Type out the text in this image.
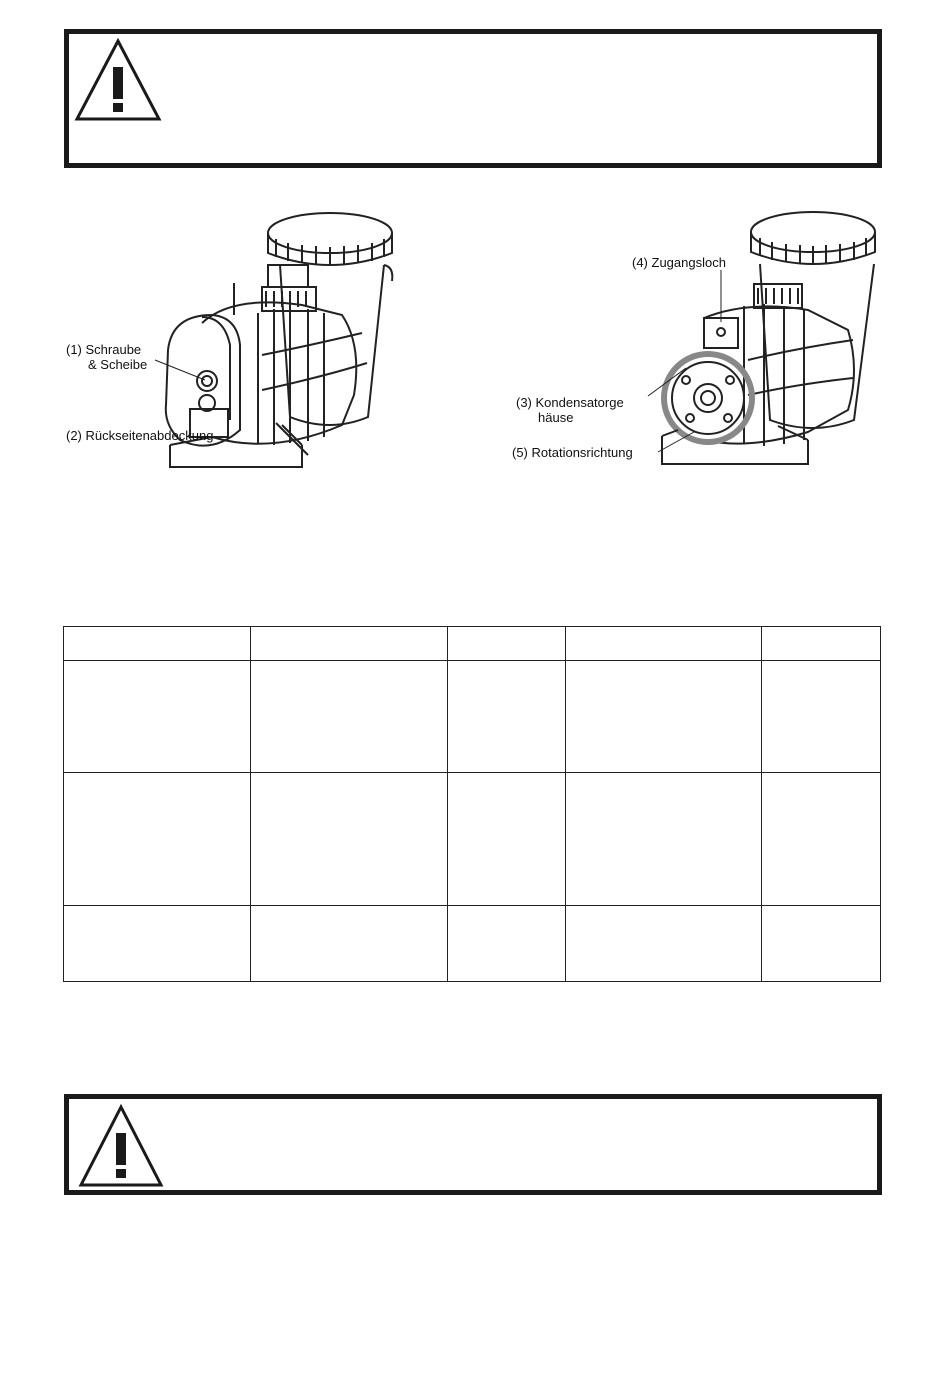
(1) Schraube
& Scheibe
(2) Rückseitenabdeckung
(4) Zugangsloch
(3) Kondensatorge
häuse
(5) Rotationsrichtung
